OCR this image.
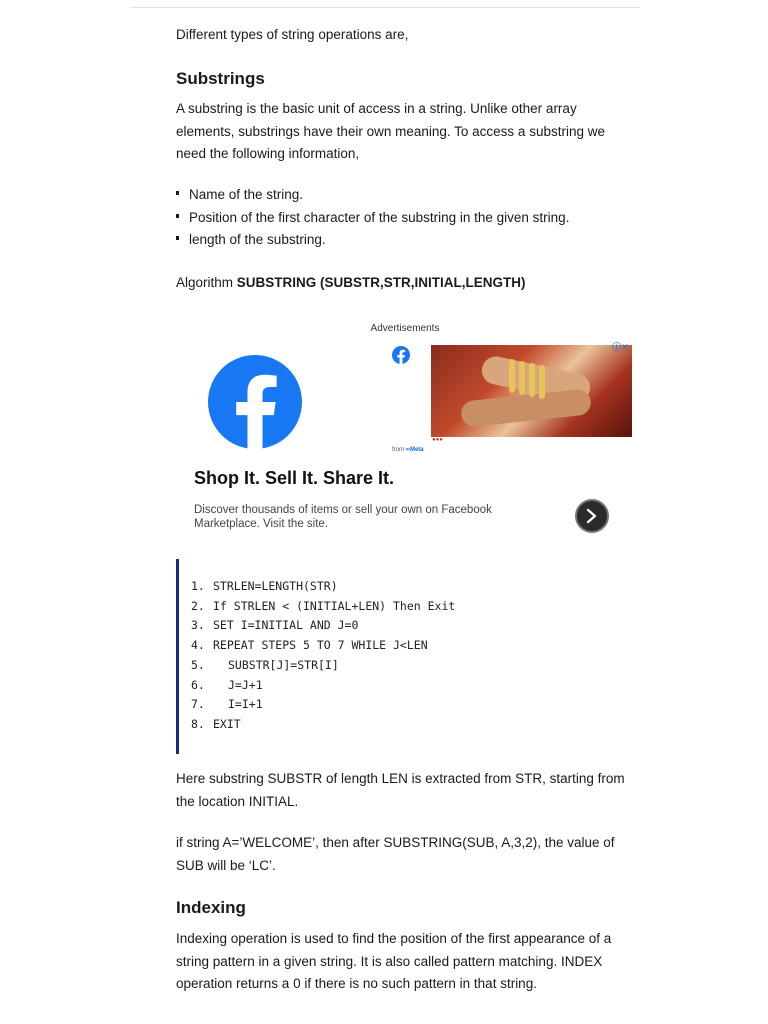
Different types of string operations are,

Substrings

A substring is the basic unit of access in a string. Unlike other array elements, substrings have their own meaning. To access a substring we need the following information,

Name of the string.
Position of the first character of the substring in the given string.
length of the substring.

Algorithm SUBSTRING (SUBSTR,STR,INITIAL,LENGTH)

Advertisements
ⓘ✕
●●●
from ∞Meta
Shop It. Sell It. Share It.
Discover thousands of items or sell your own on Facebook Marketplace. Visit the site.
1. STRLEN=LENGTH(STR)
2. If STRLEN < (INITIAL+LEN) Then Exit
3. SET I=INITIAL AND J=0
4. REPEAT STEPS 5 TO 7 WHILE J<LEN
5. SUBSTR[J]=STR[I]
6. J=J+1
7. I=I+1
8. EXIT

Here substring SUBSTR of length LEN is extracted from STR, starting from the location INITIAL.

if string A=’WELCOME’, then after SUBSTRING(SUB, A,3,2), the value of SUB will be ‘LC’.

Indexing

Indexing operation is used to find the position of the first appearance of a string pattern in a given string. It is also called pattern matching. INDEX operation returns a 0 if there is no such pattern in that string.
